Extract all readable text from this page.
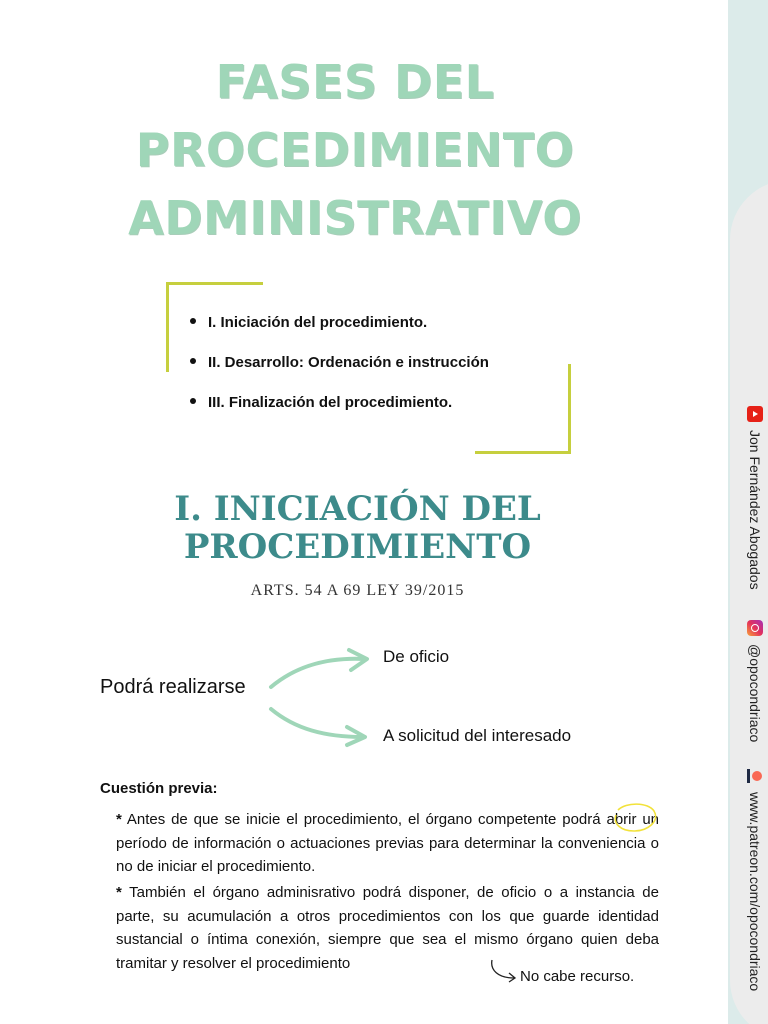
Jon Fernández Abogados
@opocondriaco
www.patreon.com/opocondriaco
FASES DEL
PROCEDIMIENTO
ADMINISTRATIVO
I. Iniciación del procedimiento.
II. Desarrollo: Ordenación e instrucción
III. Finalización del procedimiento.
I. INICIACIÓN DEL
PROCEDIMIENTO
ARTS. 54 A 69 LEY 39/2015
Podrá realizarse
De oficio
A solicitud del interesado
Cuestión previa:
* Antes de que se inicie el procedimiento, el órgano competente podrá abrir un período de información o actuaciones previas para determinar la conveniencia o no de iniciar el procedimiento.
* También el órgano adminisrativo podrá disponer, de oficio o a instancia de parte, su acumulación a otros procedimientos con los que guarde identidad sustancial o íntima conexión, siempre que sea el mismo órgano quien deba tramitar y resolver el procedimiento
No cabe recurso.
